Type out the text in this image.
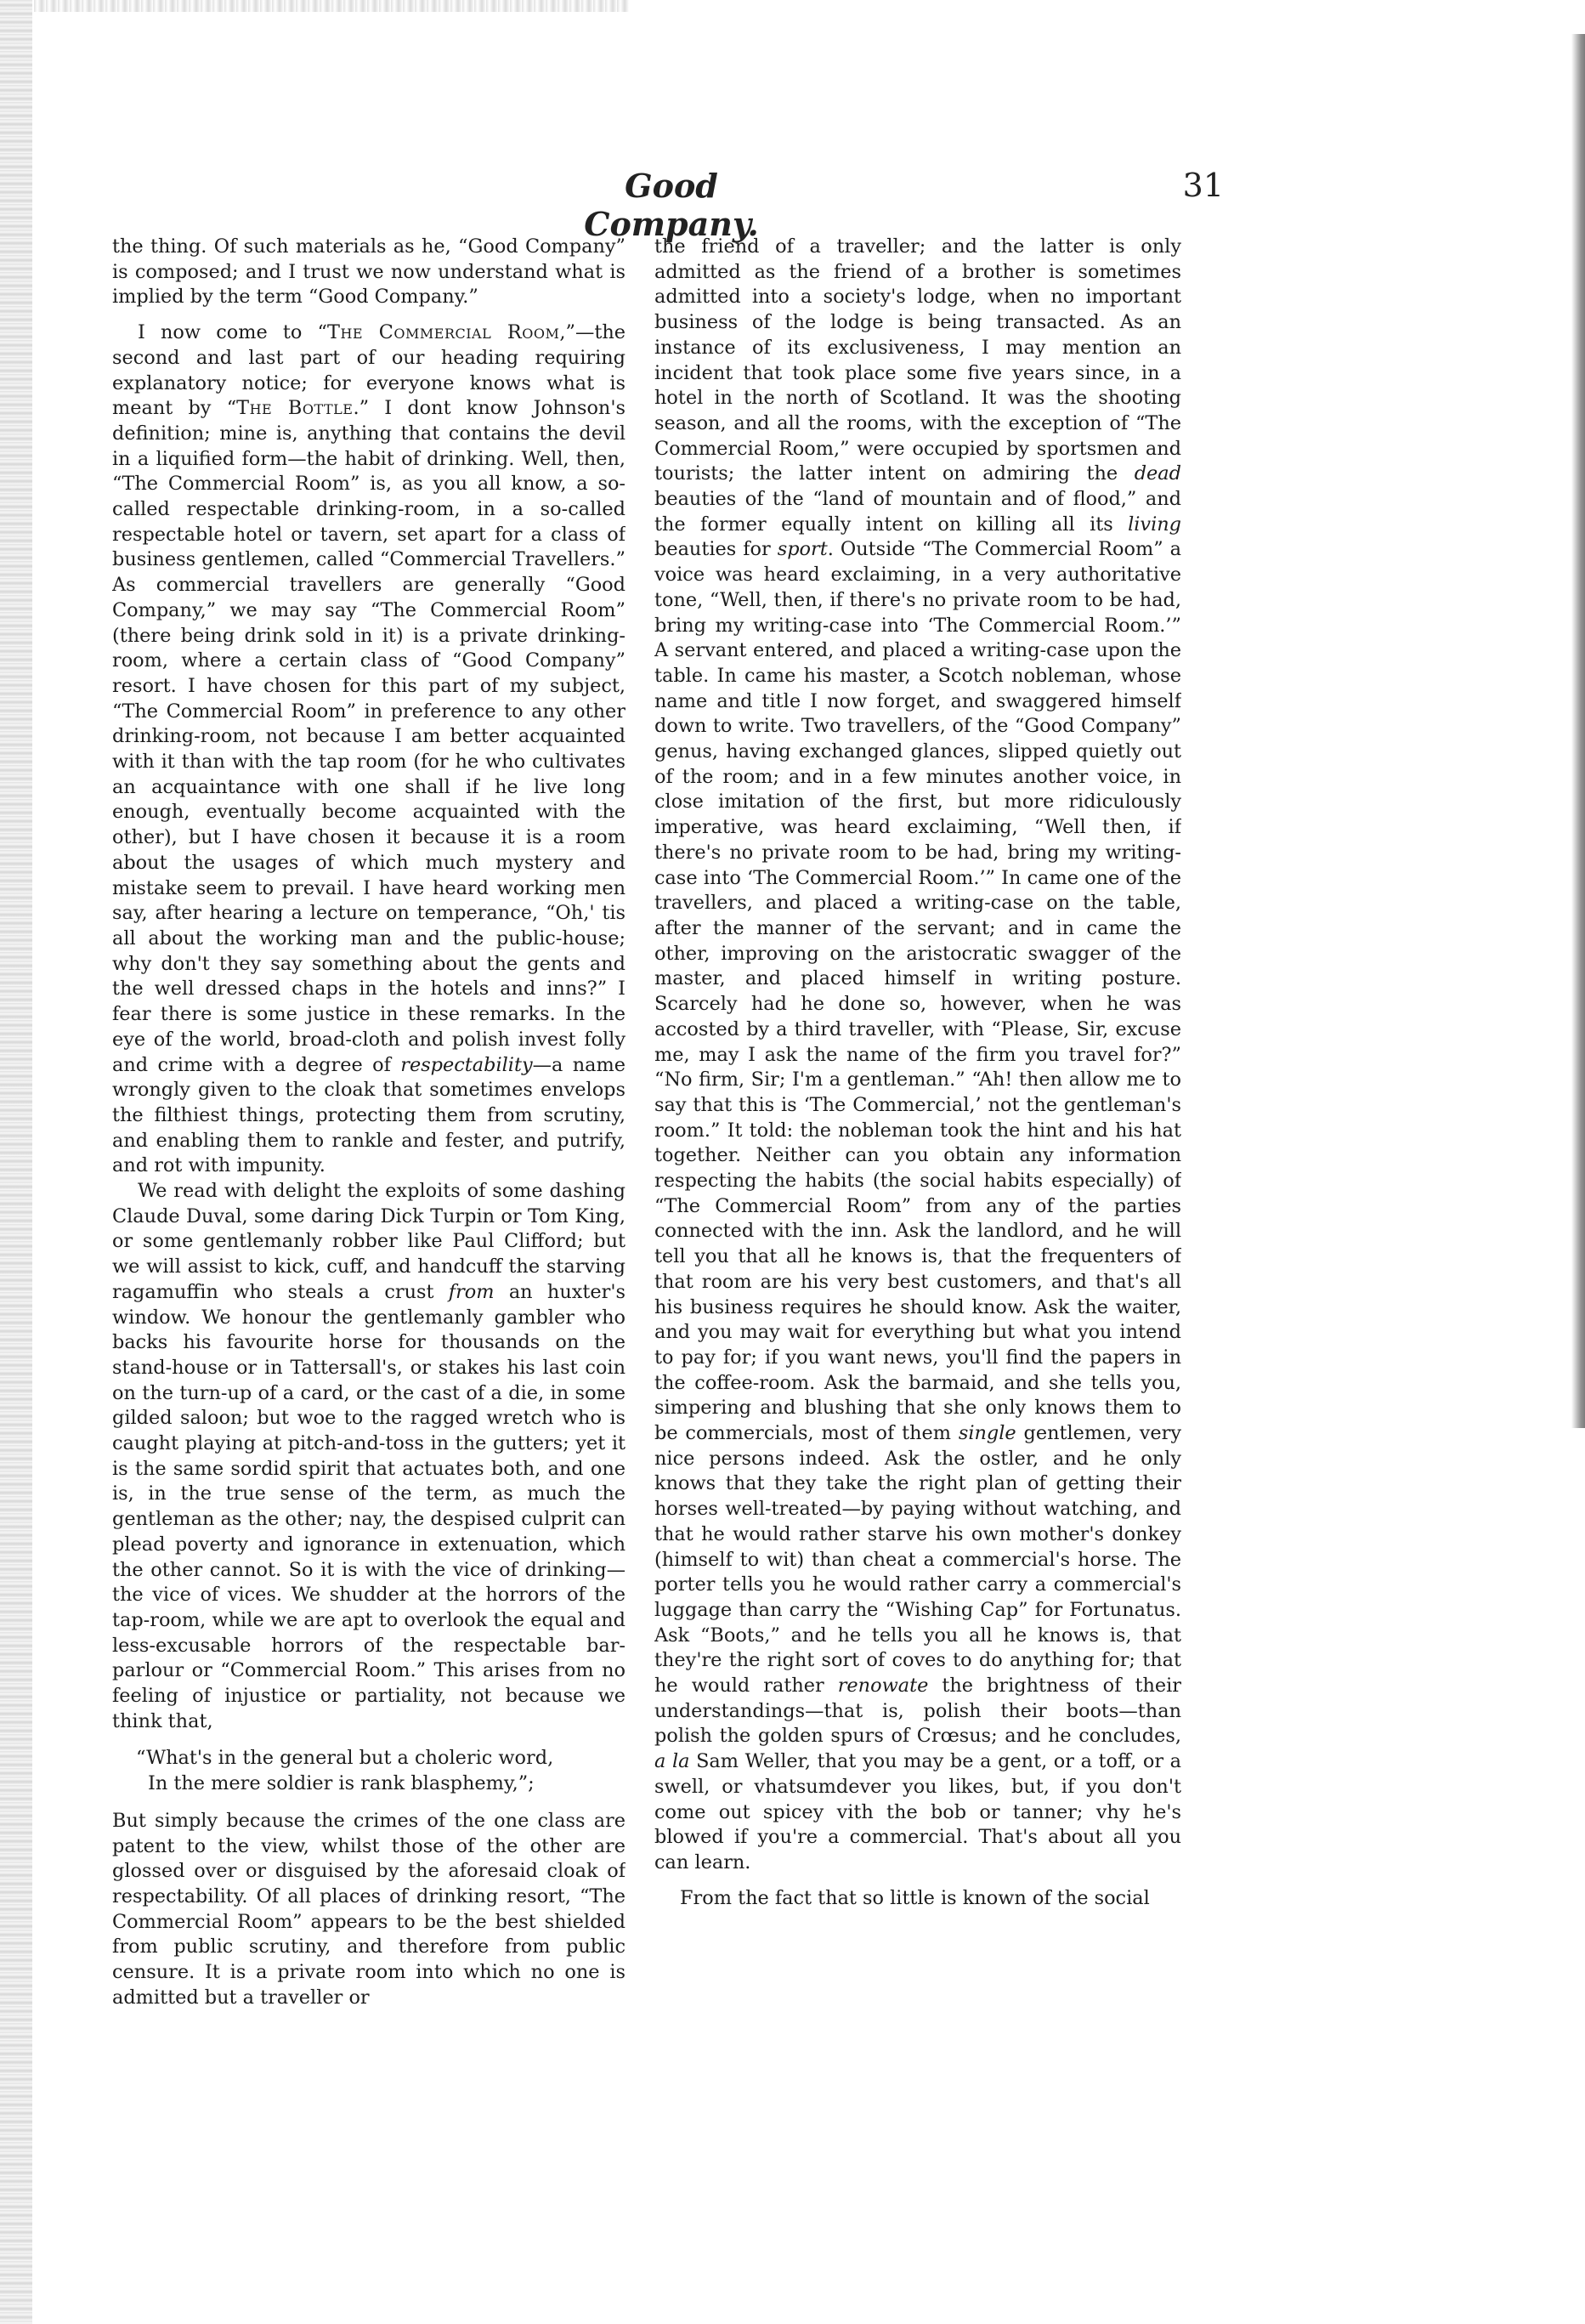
Good Company.
31

the thing. Of such materials as he, “Good Company” is composed; and I trust we now understand what is implied by the term “Good Company.”

I now come to “The Commercial Room,”—the second and last part of our heading requiring explanatory notice; for everyone knows what is meant by “The Bottle.” I dont know Johnson's definition; mine is, anything that contains the devil in a liquified form—the habit of drinking. Well, then, “The Commercial Room” is, as you all know, a so-called respectable drinking-room, in a so-called respectable hotel or tavern, set apart for a class of business gentlemen, called “Commercial Travellers.” As commercial travellers are generally “Good Company,” we may say “The Commercial Room” (there being drink sold in it) is a private drinking-room, where a certain class of “Good Company” resort. I have chosen for this part of my subject, “The Commercial Room” in preference to any other drinking-room, not because I am better acquainted with it than with the tap room (for he who cultivates an acquaintance with one shall if he live long enough, eventually become acquainted with the other), but I have chosen it because it is a room about the usages of which much mystery and mistake seem to prevail. I have heard working men say, after hearing a lecture on temperance, “Oh,' tis all about the working man and the public-house; why don't they say something about the gents and the well dressed chaps in the hotels and inns?” I fear there is some justice in these remarks. In the eye of the world, broad-cloth and polish invest folly and crime with a degree of respectability—a name wrongly given to the cloak that sometimes envelops the filthiest things, protecting them from scrutiny, and enabling them to rankle and fester, and putrify, and rot with impunity.

We read with delight the exploits of some dashing Claude Duval, some daring Dick Turpin or Tom King, or some gentlemanly robber like Paul Clifford; but we will assist to kick, cuff, and handcuff the starving ragamuffin who steals a crust from an huxter's window. We honour the gentlemanly gambler who backs his favourite horse for thousands on the stand-house or in Tattersall's, or stakes his last coin on the turn-up of a card, or the cast of a die, in some gilded saloon; but woe to the ragged wretch who is caught playing at pitch-and-toss in the gutters; yet it is the same sordid spirit that actuates both, and one is, in the true sense of the term, as much the gentleman as the other; nay, the despised culprit can plead poverty and ignorance in extenuation, which the other cannot. So it is with the vice of drinking—the vice of vices. We shudder at the horrors of the tap-room, while we are apt to overlook the equal and less-excusable horrors of the respectable bar-parlour or “Commercial Room.” This arises from no feeling of injustice or partiality, not because we think that,

“What's in the general but a choleric word,
In the mere soldier is rank blasphemy,”;

But simply because the crimes of the one class are patent to the view, whilst those of the other are glossed over or disguised by the aforesaid cloak of respectability. Of all places of drinking resort, “The Commercial Room” appears to be the best shielded from public scrutiny, and therefore from public censure. It is a private room into which no one is admitted but a traveller or

the friend of a traveller; and the latter is only admitted as the friend of a brother is sometimes admitted into a society's lodge, when no important business of the lodge is being transacted. As an instance of its exclusiveness, I may mention an incident that took place some five years since, in a hotel in the north of Scotland. It was the shooting season, and all the rooms, with the exception of “The Commercial Room,” were occupied by sportsmen and tourists; the latter intent on admiring the dead beauties of the “land of mountain and of flood,” and the former equally intent on killing all its living beauties for sport. Outside “The Commercial Room” a voice was heard exclaiming, in a very authoritative tone, “Well, then, if there's no private room to be had, bring my writing-case into ‘The Commercial Room.’” A servant entered, and placed a writing-case upon the table. In came his master, a Scotch nobleman, whose name and title I now forget, and swaggered himself down to write. Two travellers, of the “Good Company” genus, having exchanged glances, slipped quietly out of the room; and in a few minutes another voice, in close imitation of the first, but more ridiculously imperative, was heard exclaiming, “Well then, if there's no private room to be had, bring my writing-case into ‘The Commercial Room.’” In came one of the travellers, and placed a writing-case on the table, after the manner of the servant; and in came the other, improving on the aristocratic swagger of the master, and placed himself in writing posture. Scarcely had he done so, however, when he was accosted by a third traveller, with “Please, Sir, excuse me, may I ask the name of the firm you travel for?” “No firm, Sir; I'm a gentleman.” “Ah! then allow me to say that this is ‘The Commercial,’ not the gentleman's room.” It told: the nobleman took the hint and his hat together. Neither can you obtain any information respecting the habits (the social habits especially) of “The Commercial Room” from any of the parties connected with the inn. Ask the landlord, and he will tell you that all he knows is, that the frequenters of that room are his very best customers, and that's all his business requires he should know. Ask the waiter, and you may wait for everything but what you intend to pay for; if you want news, you'll find the papers in the coffee-room. Ask the barmaid, and she tells you, simpering and blushing that she only knows them to be commercials, most of them single gentlemen, very nice persons indeed. Ask the ostler, and he only knows that they take the right plan of getting their horses well-treated—by paying without watching, and that he would rather starve his own mother's donkey (himself to wit) than cheat a commercial's horse. The porter tells you he would rather carry a commercial's luggage than carry the “Wishing Cap” for Fortunatus. Ask “Boots,” and he tells you all he knows is, that they're the right sort of coves to do anything for; that he would rather renowate the brightness of their understandings—that is, polish their boots—than polish the golden spurs of Crœsus; and he concludes, a la Sam Weller, that you may be a gent, or a toff, or a swell, or vhatsumdever you likes, but, if you don't come out spicey vith the bob or tanner; vhy he's blowed if you're a commercial. That's about all you can learn.

From the fact that so little is known of the social
